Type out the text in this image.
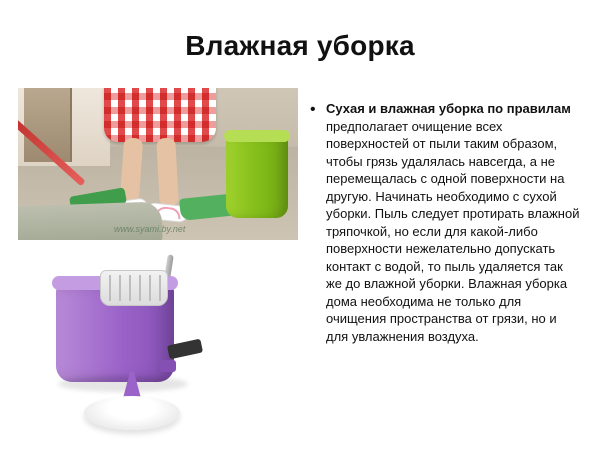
Влажная уборка
www.syami.by.net
• Сухая и влажная уборка по правилам предполагает очищение всех поверхностей от пыли таким образом, чтобы грязь удалялась навсегда, а не перемещалась с одной поверхности на другую. Начинать необходимо с сухой уборки. Пыль следует протирать влажной тряпочкой, но если для какой-либо поверхности нежелательно допускать контакт с водой, то пыль удаляется так же до влажной уборки. Влажная уборка дома необходима не только для очищения пространства от грязи, но и для увлажнения воздуха.
